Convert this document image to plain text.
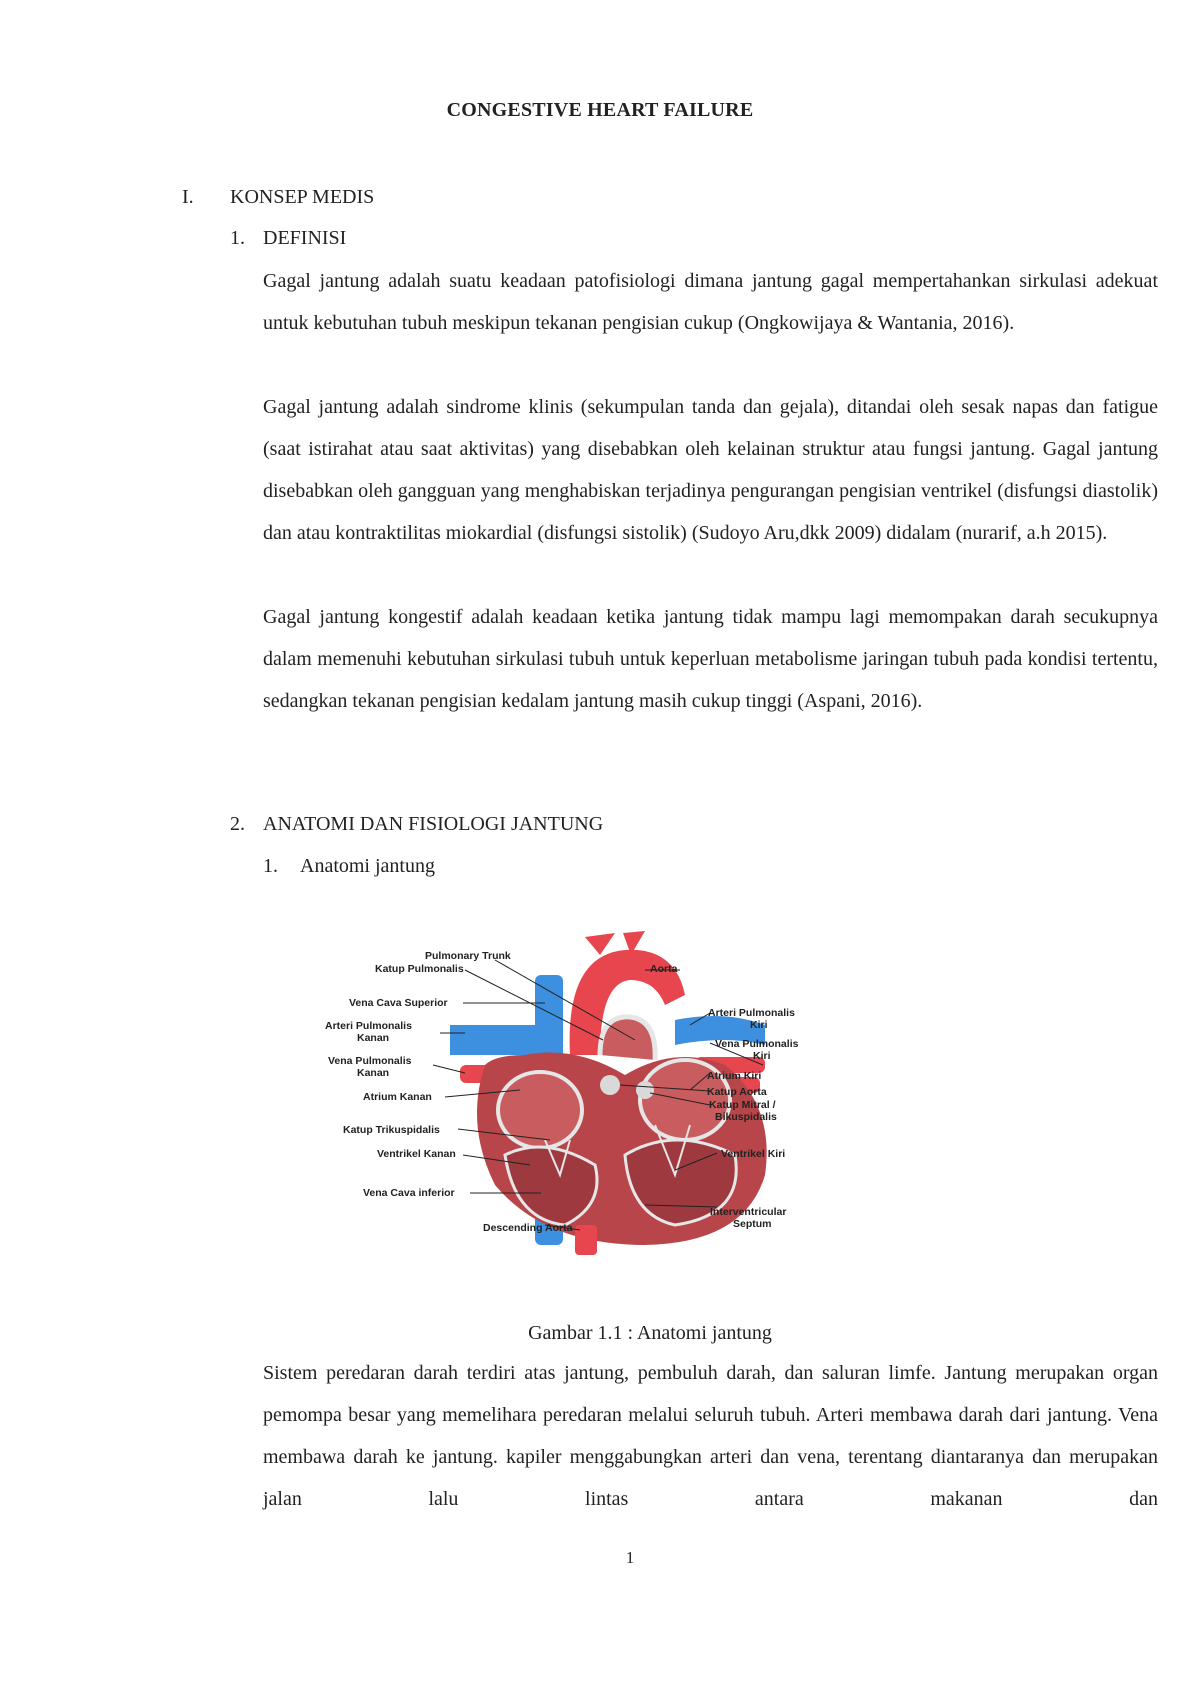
CONGESTIVE HEART FAILURE
I. KONSEP MEDIS
1. DEFINISI

Gagal jantung adalah suatu keadaan patofisiologi dimana jantung gagal mempertahankan sirkulasi adekuat untuk kebutuhan tubuh meskipun tekanan pengisian cukup (Ongkowijaya & Wantania, 2016).

Gagal jantung adalah sindrome klinis (sekumpulan tanda dan gejala), ditandai oleh sesak napas dan fatigue (saat istirahat atau saat aktivitas) yang disebabkan oleh kelainan struktur atau fungsi jantung. Gagal jantung disebabkan oleh gangguan yang menghabiskan terjadinya pengurangan pengisian ventrikel (disfungsi diastolik) dan atau kontraktilitas miokardial (disfungsi sistolik) (Sudoyo Aru,dkk 2009) didalam (nurarif, a.h 2015).

Gagal jantung kongestif adalah keadaan ketika jantung tidak mampu lagi memompakan darah secukupnya dalam memenuhi kebutuhan sirkulasi tubuh untuk keperluan metabolisme jaringan tubuh pada kondisi tertentu, sedangkan tekanan pengisian kedalam jantung masih cukup tinggi (Aspani, 2016).

2. ANATOMI DAN FISIOLOGI JANTUNG
1. Anatomi jantung
Pulmonary Trunk
Katup Pulmonalis
Vena Cava Superior
Arteri Pulmonalis
Kanan
Vena Pulmonalis
Kanan
Atrium Kanan
Katup Trikuspidalis
Ventrikel Kanan
Vena Cava inferior
Descending Aorta
Aorta
Arteri Pulmonalis
Kiri
Vena Pulmonalis
Kiri
Atrium Kiri
Katup Aorta
Katup Mitral /
Bikuspidalis
Ventrikel Kiri
Interventricular
Septum
Gambar 1.1 : Anatomi jantung

Sistem peredaran darah terdiri atas jantung, pembuluh darah, dan saluran limfe. Jantung merupakan organ pemompa besar yang memelihara peredaran melalui seluruh tubuh. Arteri membawa darah dari jantung. Vena membawa darah ke jantung. kapiler menggabungkan arteri dan vena, terentang diantaranya dan merupakan jalan lalu lintas antara makanan dan

1
